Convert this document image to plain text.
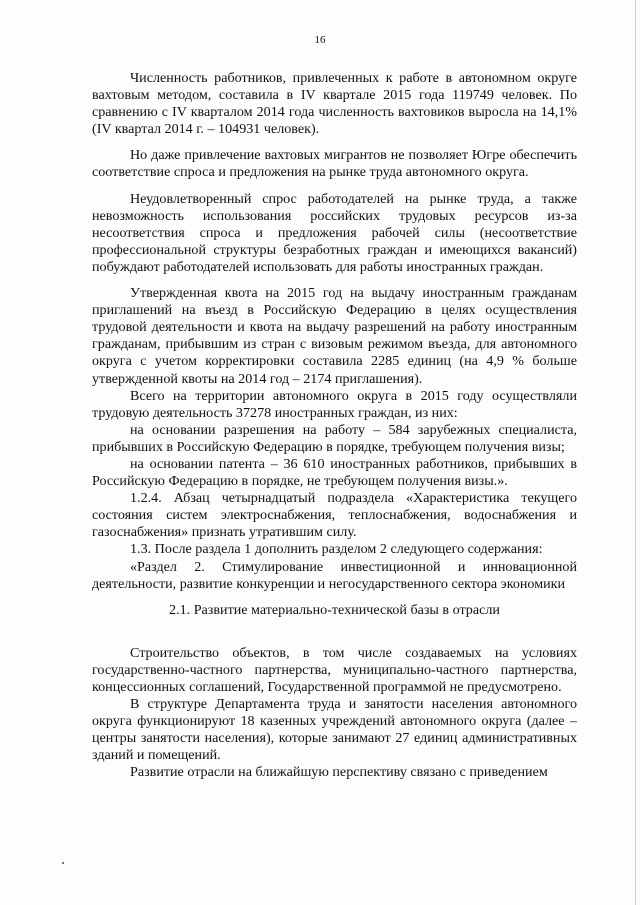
16

Численность работников, привлеченных к работе в автономном округе вахтовым методом, составила в IV квартале 2015 года 119749 человек. По сравнению с IV кварталом 2014 года численность вахтовиков выросла на 14,1% (IV квартал 2014 г. – 104931 человек).

Но даже привлечение вахтовых мигрантов не позволяет Югре обеспечить соответствие спроса и предложения на рынке труда автономного округа.

Неудовлетворенный спрос работодателей на рынке труда, а также невозможность использования российских трудовых ресурсов из-за несоответствия спроса и предложения рабочей силы (несоответствие профессиональной структуры безработных граждан и имеющихся вакансий) побуждают работодателей использовать для работы иностранных граждан.

Утвержденная квота на 2015 год на выдачу иностранным гражданам приглашений на въезд в Российскую Федерацию в целях осуществления трудовой деятельности и квота на выдачу разрешений на работу иностранным гражданам, прибывшим из стран с визовым режимом въезда, для автономного округа с учетом корректировки составила 2285 единиц (на 4,9 % больше утвержденной квоты на 2014 год – 2174 приглашения).

Всего на территории автономного округа в 2015 году осуществляли трудовую деятельность 37278 иностранных граждан, из них:

на основании разрешения на работу – 584 зарубежных специалиста, прибывших в Российскую Федерацию в порядке, требующем получения визы;

на основании патента – 36 610 иностранных работников, прибывших в Российскую Федерацию в порядке, не требующем получения визы.».

1.2.4. Абзац четырнадцатый подраздела «Характеристика текущего состояния систем электроснабжения, теплоснабжения, водоснабжения и газоснабжения» признать утратившим силу.

1.3. После раздела 1 дополнить разделом 2 следующего содержания:

«Раздел 2. Стимулирование инвестиционной и инновационной деятельности, развитие конкуренции и негосударственного сектора экономики

2.1. Развитие материально-технической базы в отрасли

Строительство объектов, в том числе создаваемых на условиях государственно-частного партнерства, муниципально-частного партнерства, концессионных соглашений, Государственной программой не предусмотрено.

В структуре Департамента труда и занятости населения автономного округа функционируют 18 казенных учреждений автономного округа (далее – центры занятости населения), которые занимают 27 единиц административных зданий и помещений.

Развитие отрасли на ближайшую перспективу связано с приведением
